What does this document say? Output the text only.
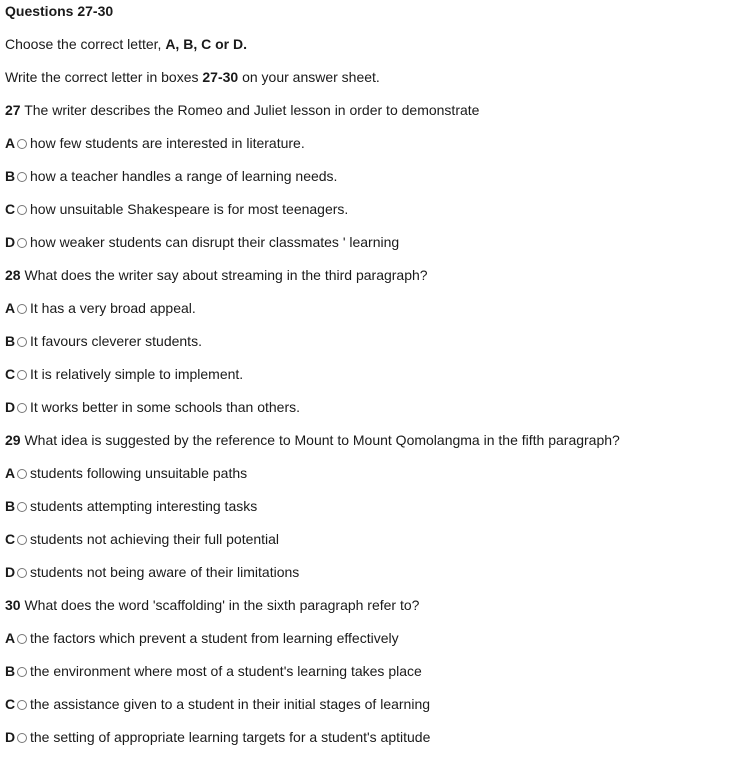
Questions 27-30
Choose the correct letter, A, B, C or D.
Write the correct letter in boxes 27-30 on your answer sheet.
27 The writer describes the Romeo and Juliet lesson in order to demonstrate
A how few students are interested in literature.
B how a teacher handles a range of learning needs.
C how unsuitable Shakespeare is for most teenagers.
D how weaker students can disrupt their classmates ' learning
28 What does the writer say about streaming in the third paragraph?
A It has a very broad appeal.
B It favours cleverer students.
C It is relatively simple to implement.
D It works better in some schools than others.
29 What idea is suggested by the reference to Mount to Mount Qomolangma in the fifth paragraph?
A students following unsuitable paths
B students attempting interesting tasks
C students not achieving their full potential
D students not being aware of their limitations
30 What does the word 'scaffolding' in the sixth paragraph refer to?
A the factors which prevent a student from learning effectively
B the environment where most of a student's learning takes place
C the assistance given to a student in their initial stages of learning
D the setting of appropriate learning targets for a student's aptitude
